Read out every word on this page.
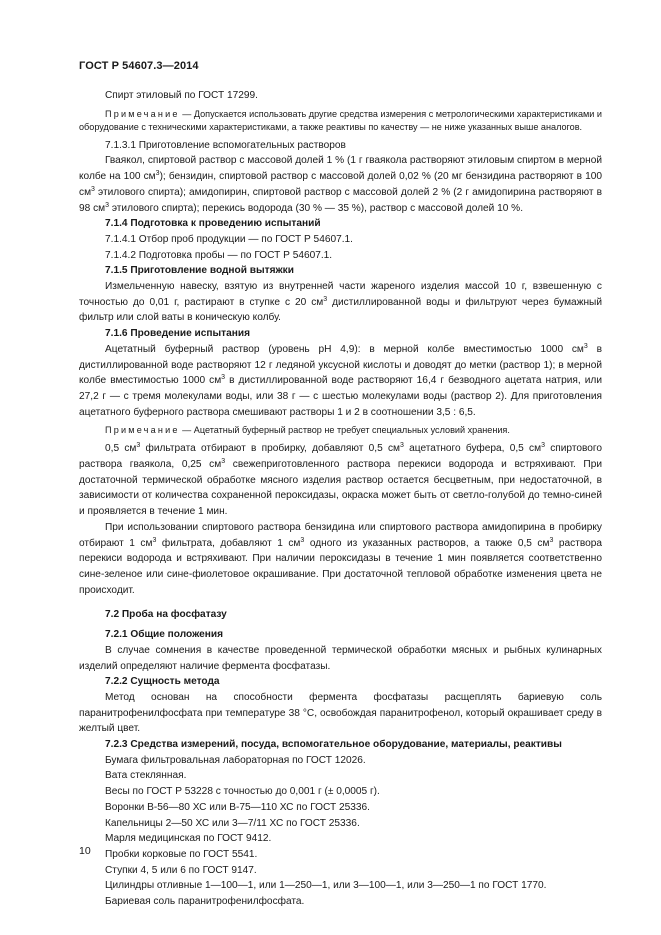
ГОСТ Р 54607.3—2014

Спирт этиловый по ГОСТ 17299.

Примечание — Допускается использовать другие средства измерения с метрологическими характеристиками и оборудование с техническими характеристиками, а также реактивы по качеству — не ниже указанных выше аналогов.

7.1.3.1 Приготовление вспомогательных растворов

Гваякол, спиртовой раствор с массовой долей 1 % (1 г гваякола растворяют этиловым спиртом в мерной колбе на 100 $см^3$); бензидин, спиртовой раствор с массовой долей 0,02 % (20 мг бензидина растворяют в 100 $см^3$ этилового спирта); амидопирин, спиртовой раствор с массовой долей 2 % (2 г амидопирина растворяют в 98 $см^3$ этилового спирта); перекись водорода (30 % — 35 %), раствор с массовой долей 10 %.

7.1.4 Подготовка к проведению испытаний

7.1.4.1 Отбор проб продукции — по ГОСТ Р 54607.1.

7.1.4.2 Подготовка пробы — по ГОСТ Р 54607.1.

7.1.5 Приготовление водной вытяжки

Измельченную навеску, взятую из внутренней части жареного изделия массой 10 г, взвешенную с точностью до 0,01 г, растирают в ступке с 20 $см^3$ дистиллированной воды и фильтруют через бумажный фильтр или слой ваты в коническую колбу.

7.1.6 Проведение испытания

Ацетатный буферный раствор (уровень pH 4,9): в мерной колбе вместимостью 1000 $см^3$ в дистиллированной воде растворяют 12 г ледяной уксусной кислоты и доводят до метки (раствор 1); в мерной колбе вместимостью 1000 $см^3$ в дистиллированной воде растворяют 16,4 г безводного ацетата натрия, или 27,2 г — с тремя молекулами воды, или 38 г — с шестью молекулами воды (раствор 2). Для приготовления ацетатного буферного раствора смешивают растворы 1 и 2 в соотношении 3,5 : 6,5.

Примечание — Ацетатный буферный раствор не требует специальных условий хранения.

0,5 $см^3$ фильтрата отбирают в пробирку, добавляют 0,5 $см^3$ ацетатного буфера, 0,5 $см^3$ спиртового раствора гваякола, 0,25 $см^3$ свежеприготовленного раствора перекиси водорода и встряхивают. При достаточной термической обработке мясного изделия раствор остается бесцветным, при недостаточной, в зависимости от количества сохраненной пероксидазы, окраска может быть от светло-голубой до темно-синей и проявляется в течение 1 мин.

При использовании спиртового раствора бензидина или спиртового раствора амидопирина в пробирку отбирают 1 $см^3$ фильтрата, добавляют 1 $см^3$ одного из указанных растворов, а также 0,5 $см^3$ раствора перекиси водорода и встряхивают. При наличии пероксидазы в течение 1 мин появляется соответственно сине-зеленое или сине-фиолетовое окрашивание. При достаточной тепловой обработке изменения цвета не происходит.

7.2 Проба на фосфатазу

7.2.1 Общие положения

В случае сомнения в качестве проведенной термической обработки мясных и рыбных кулинарных изделий определяют наличие фермента фосфатазы.

7.2.2 Сущность метода

Метод основан на способности фермента фосфатазы расщеплять бариевую соль паранитрофенилфосфата при температуре 38 °С, освобождая паранитрофенол, который окрашивает среду в желтый цвет.

7.2.3 Средства измерений, посуда, вспомогательное оборудование, материалы, реактивы

Бумага фильтровальная лабораторная по ГОСТ 12026.

Вата стеклянная.

Весы по ГОСТ Р 53228 с точностью до 0,001 г (± 0,0005 г).

Воронки В-56—80 ХС или В-75—110 ХС по ГОСТ 25336.

Капельницы 2—50 ХС или 3—7/11 ХС по ГОСТ 25336.

Марля медицинская по ГОСТ 9412.

Пробки корковые по ГОСТ 5541.

Ступки 4, 5 или 6 по ГОСТ 9147.

Цилиндры отливные 1—100—1, или 1—250—1, или 3—100—1, или 3—250—1 по ГОСТ 1770.

Бариевая соль паранитрофенилфосфата.

10
